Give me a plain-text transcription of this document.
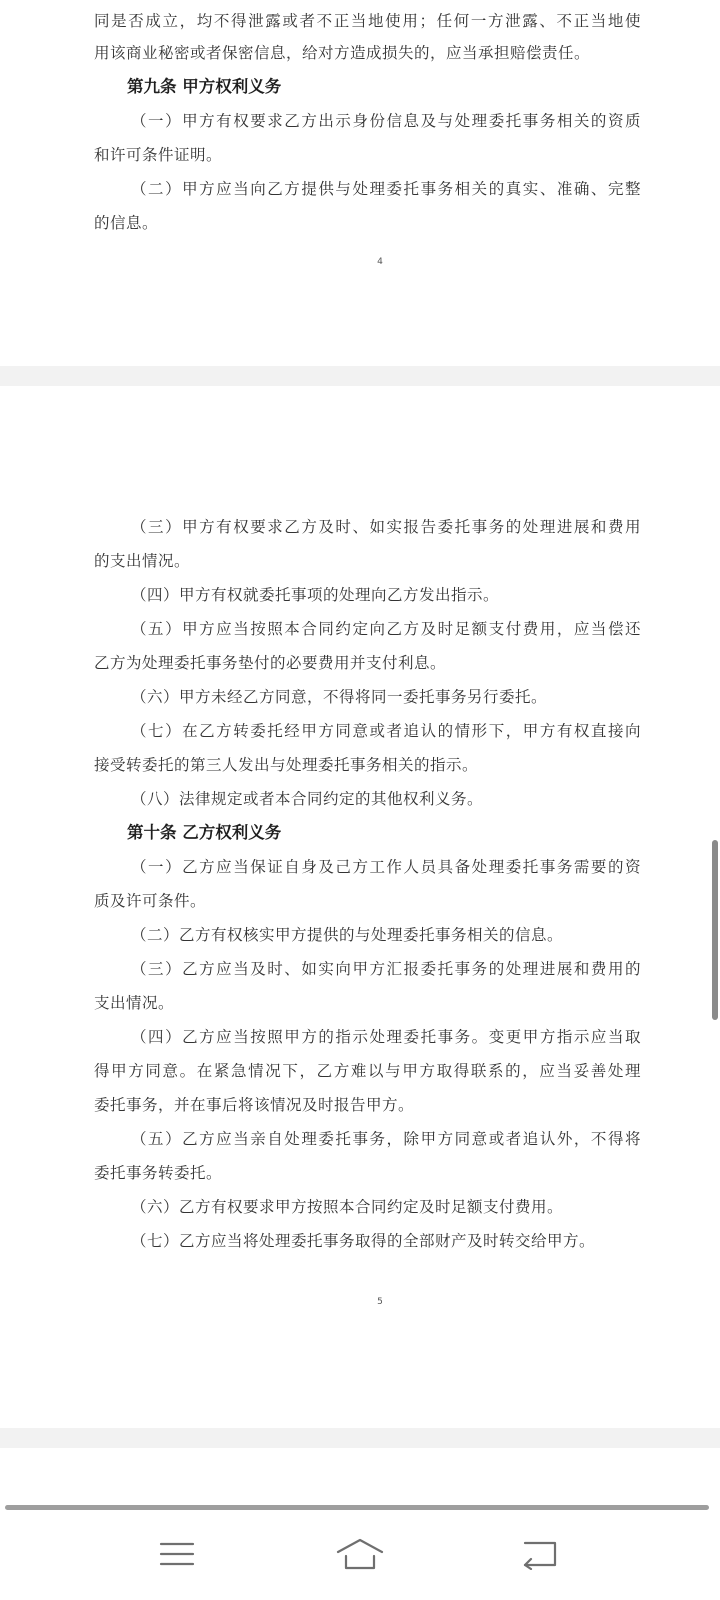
同是否成立，均不得泄露或者不正当地使用；任何一方泄露、不正当地使
用该商业秘密或者保密信息，给对方造成损失的，应当承担赔偿责任。
第九条 甲方权利义务
（一）甲方有权要求乙方出示身份信息及与处理委托事务相关的资质
和许可条件证明。
（二）甲方应当向乙方提供与处理委托事务相关的真实、准确、完整
的信息。
4
（三）甲方有权要求乙方及时、如实报告委托事务的处理进展和费用
的支出情况。
（四）甲方有权就委托事项的处理向乙方发出指示。
（五）甲方应当按照本合同约定向乙方及时足额支付费用，应当偿还
乙方为处理委托事务垫付的必要费用并支付利息。
（六）甲方未经乙方同意，不得将同一委托事务另行委托。
（七）在乙方转委托经甲方同意或者追认的情形下，甲方有权直接向
接受转委托的第三人发出与处理委托事务相关的指示。
（八）法律规定或者本合同约定的其他权利义务。
第十条 乙方权利义务
（一）乙方应当保证自身及己方工作人员具备处理委托事务需要的资
质及许可条件。
（二）乙方有权核实甲方提供的与处理委托事务相关的信息。
（三）乙方应当及时、如实向甲方汇报委托事务的处理进展和费用的
支出情况。
（四）乙方应当按照甲方的指示处理委托事务。变更甲方指示应当取
得甲方同意。在紧急情况下，乙方难以与甲方取得联系的，应当妥善处理
委托事务，并在事后将该情况及时报告甲方。
（五）乙方应当亲自处理委托事务，除甲方同意或者追认外，不得将
委托事务转委托。
（六）乙方有权要求甲方按照本合同约定及时足额支付费用。
（七）乙方应当将处理委托事务取得的全部财产及时转交给甲方。
5
